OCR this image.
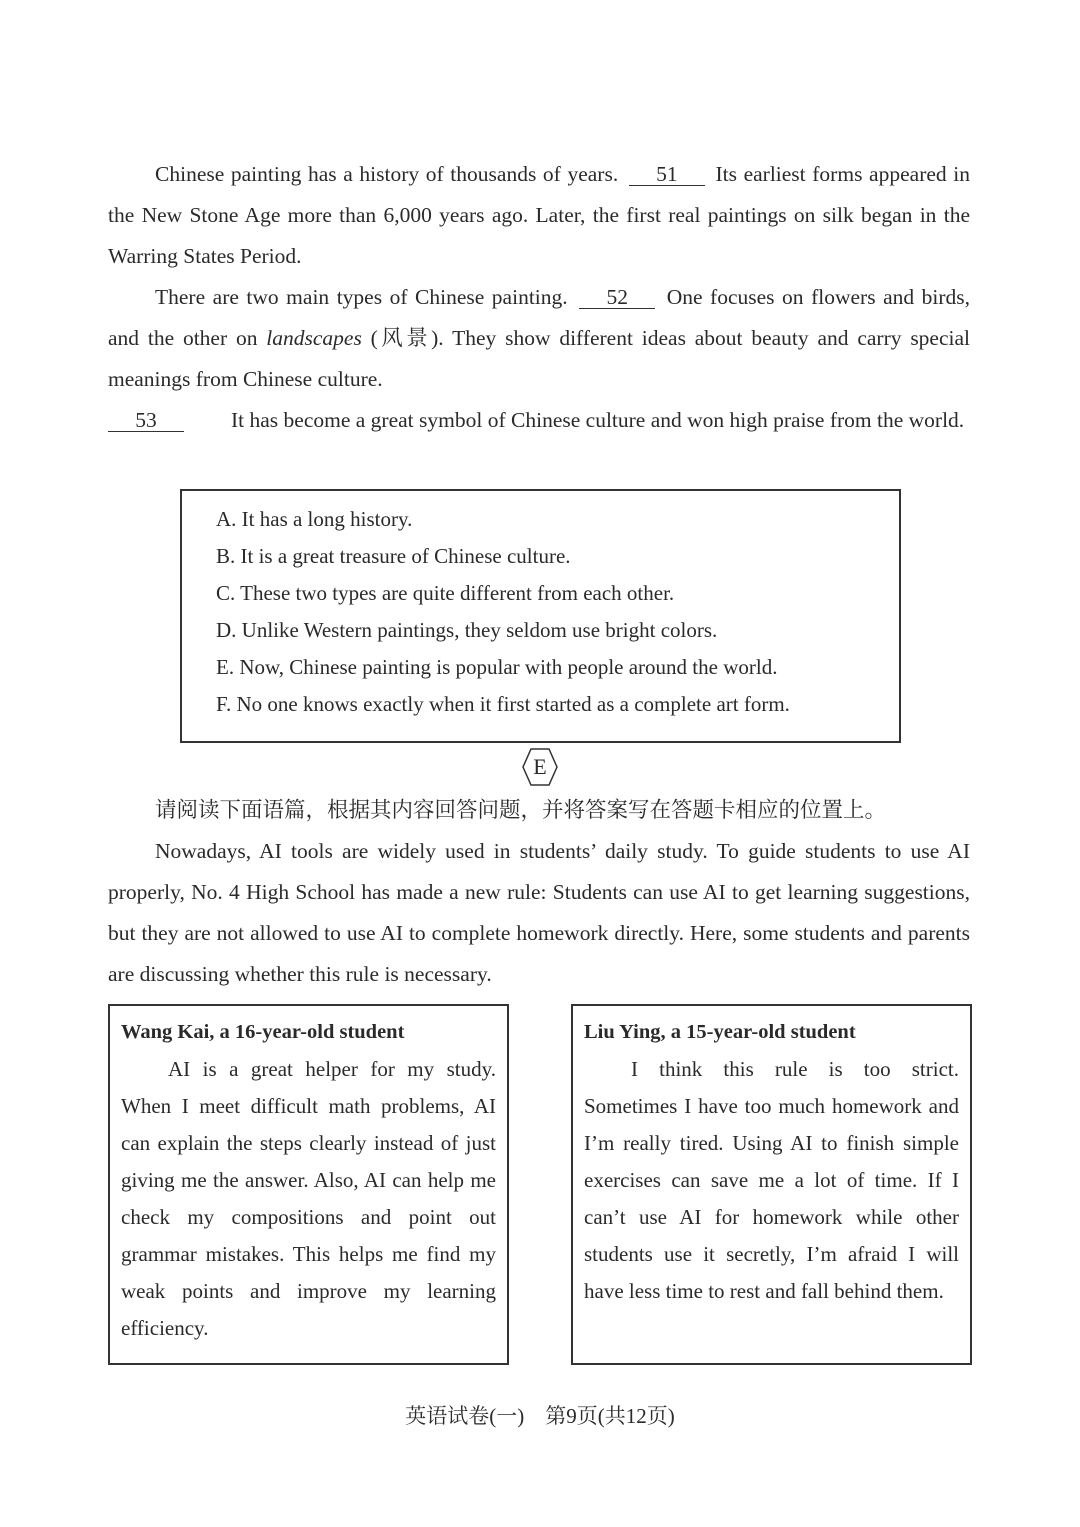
Chinese painting has a history of thousands of years. 51 Its earliest forms appeared in the New Stone Age more than 6,000 years ago. Later, the first real paintings on silk began in the Warring States Period.

There are two main types of Chinese painting. 52 One focuses on flowers and birds, and the other on landscapes (风景). They show different ideas about beauty and carry special meanings from Chinese culture.

53	It has become a great symbol of Chinese culture and won high praise from the world.

A. It has a long history.
B. It is a great treasure of Chinese culture.
C. These two types are quite different from each other.
D. Unlike Western paintings, they seldom use bright colors.
E. Now, Chinese painting is popular with people around the world.
F. No one knows exactly when it first started as a complete art form.
E

请阅读下面语篇，根据其内容回答问题，并将答案写在答题卡相应的位置上。

Nowadays, AI tools are widely used in students’ daily study. To guide students to use AI properly, No. 4 High School has made a new rule: Students can use AI to get learning suggestions, but they are not allowed to use AI to complete homework directly. Here, some students and parents are discussing whether this rule is necessary.

Wang Kai, a 16-year-old student
AI is a great helper for my study. When I meet difficult math problems, AI can explain the steps clearly instead of just giving me the answer. Also, AI can help me check my compositions and point out grammar mistakes. This helps me find my weak points and improve my learning efficiency.
Liu Ying, a 15-year-old student
I think this rule is too strict. Sometimes I have too much homework and I’m really tired. Using AI to finish simple exercises can save me a lot of time. If I can’t use AI for homework while other students use it secretly, I’m afraid I will have less time to rest and fall behind them.
英语试卷(一)　第9页(共12页)
